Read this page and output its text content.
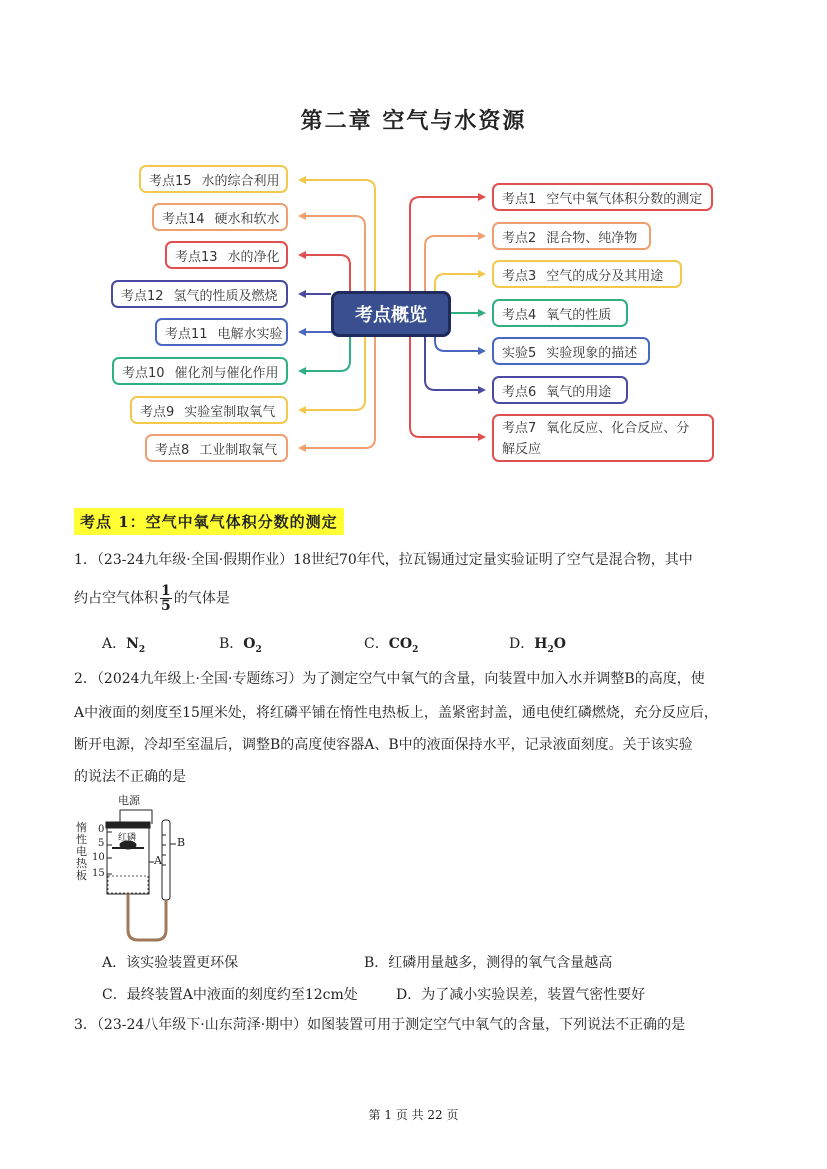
第二章 空气与水资源
考点概览
考点15 水的综合利用
考点14 硬水和软水
考点13 水的净化
考点12 氢气的性质及燃烧
考点11 电解水实验
考点10 催化剂与催化作用
考点9 实验室制取氧气
考点8 工业制取氧气
考点1 空气中氧气体积分数的测定
考点2 混合物、纯净物
考点3 空气的成分及其用途
考点4 氧气的性质
实验5 实验现象的描述
考点6 氧气的用途
考点7 氧化反应、化合反应、分
解反应
考点 1：空气中氧气体积分数的测定
1．（23-24九年级·全国·假期作业）18世纪70年代，拉瓦锡通过定量实验证明了空气是混合物，其中
约占空气体积 $\frac{1}{5}$ 的气体是
A．$N_2$	B．$O_2$	C．$CO_2$	D．$H_2O$
2．（2024九年级上·全国·专题练习）为了测定空气中氧气的含量，向装置中加入水并调整B的高度，使
A中液面的刻度至15厘米处，将红磷平铺在惰性电热板上，盖紧密封盖，通电使红磷燃烧，充分反应后，
断开电源，冷却至室温后，调整B的高度使容器A、B中的液面保持水平，记录液面刻度。关于该实验
的说法不正确的是
电源
红磷
惰
性
电
热
板
0
5
10
15
A
B
A．该实验装置更环保	B．红磷用量越多，测得的氧气含量越高
C．最终装置A中液面的刻度约至12cm处	D．为了减小实验误差，装置气密性要好
3．（23-24八年级下·山东菏泽·期中）如图装置可用于测定空气中氧气的含量，下列说法不正确的是
第 1 页 共 22 页
